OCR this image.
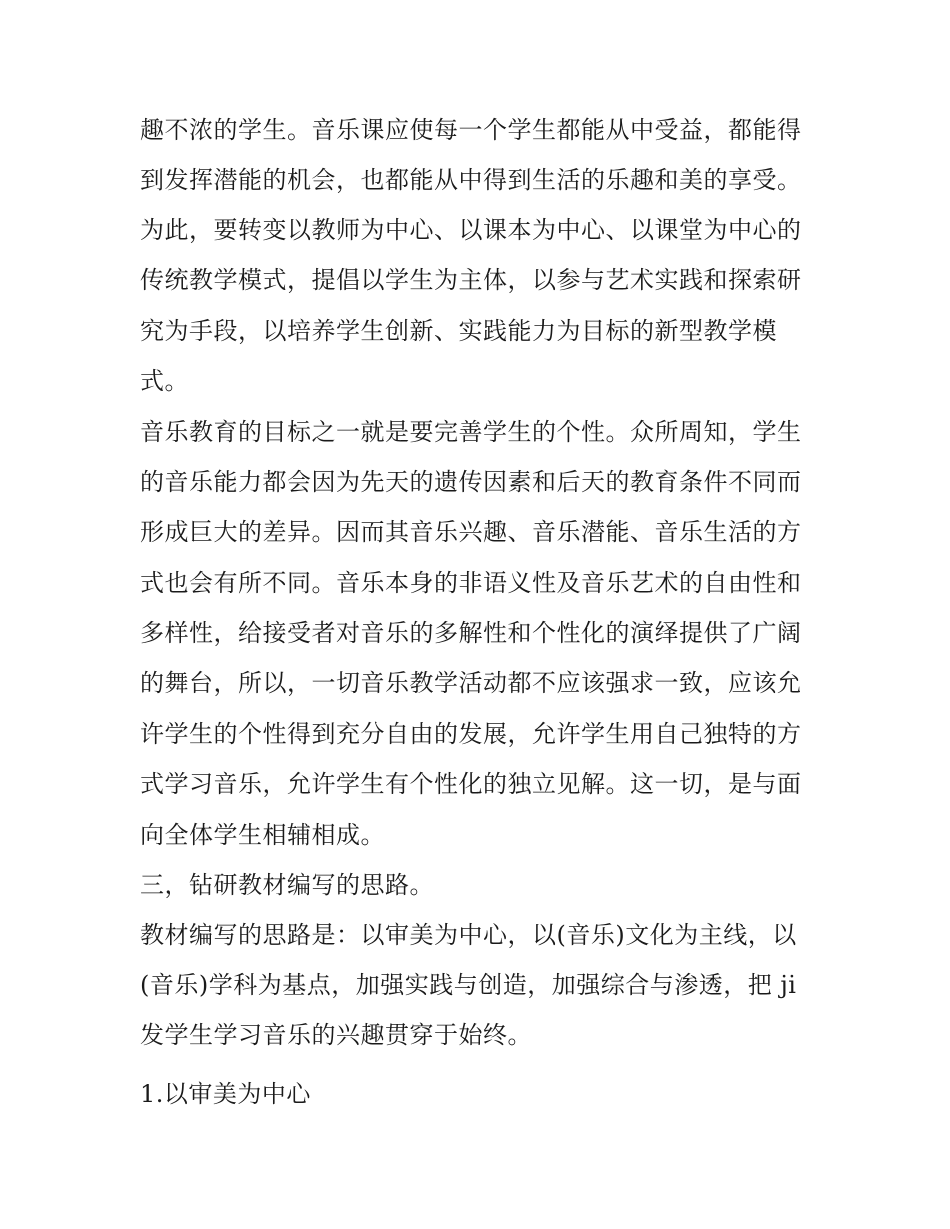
趣不浓的学生。音乐课应使每一个学生都能从中受益，都能得
到发挥潜能的机会，也都能从中得到生活的乐趣和美的享受。
为此，要转变以教师为中心、以课本为中心、以课堂为中心的
传统教学模式，提倡以学生为主体，以参与艺术实践和探索研
究为手段，以培养学生创新、实践能力为目标的新型教学模
式。
音乐教育的目标之一就是要完善学生的个性。众所周知，学生
的音乐能力都会因为先天的遗传因素和后天的教育条件不同而
形成巨大的差异。因而其音乐兴趣、音乐潜能、音乐生活的方
式也会有所不同。音乐本身的非语义性及音乐艺术的自由性和
多样性，给接受者对音乐的多解性和个性化的演绎提供了广阔
的舞台，所以，一切音乐教学活动都不应该强求一致，应该允
许学生的个性得到充分自由的发展，允许学生用自己独特的方
式学习音乐，允许学生有个性化的独立见解。这一切，是与面
向全体学生相辅相成。
三，钻研教材编写的思路。
教材编写的思路是：以审美为中心，以(音乐)文化为主线，以
(音乐)学科为基点，加强实践与创造，加强综合与渗透，把 ji
发学生学习音乐的兴趣贯穿于始终。
1.以审美为中心
